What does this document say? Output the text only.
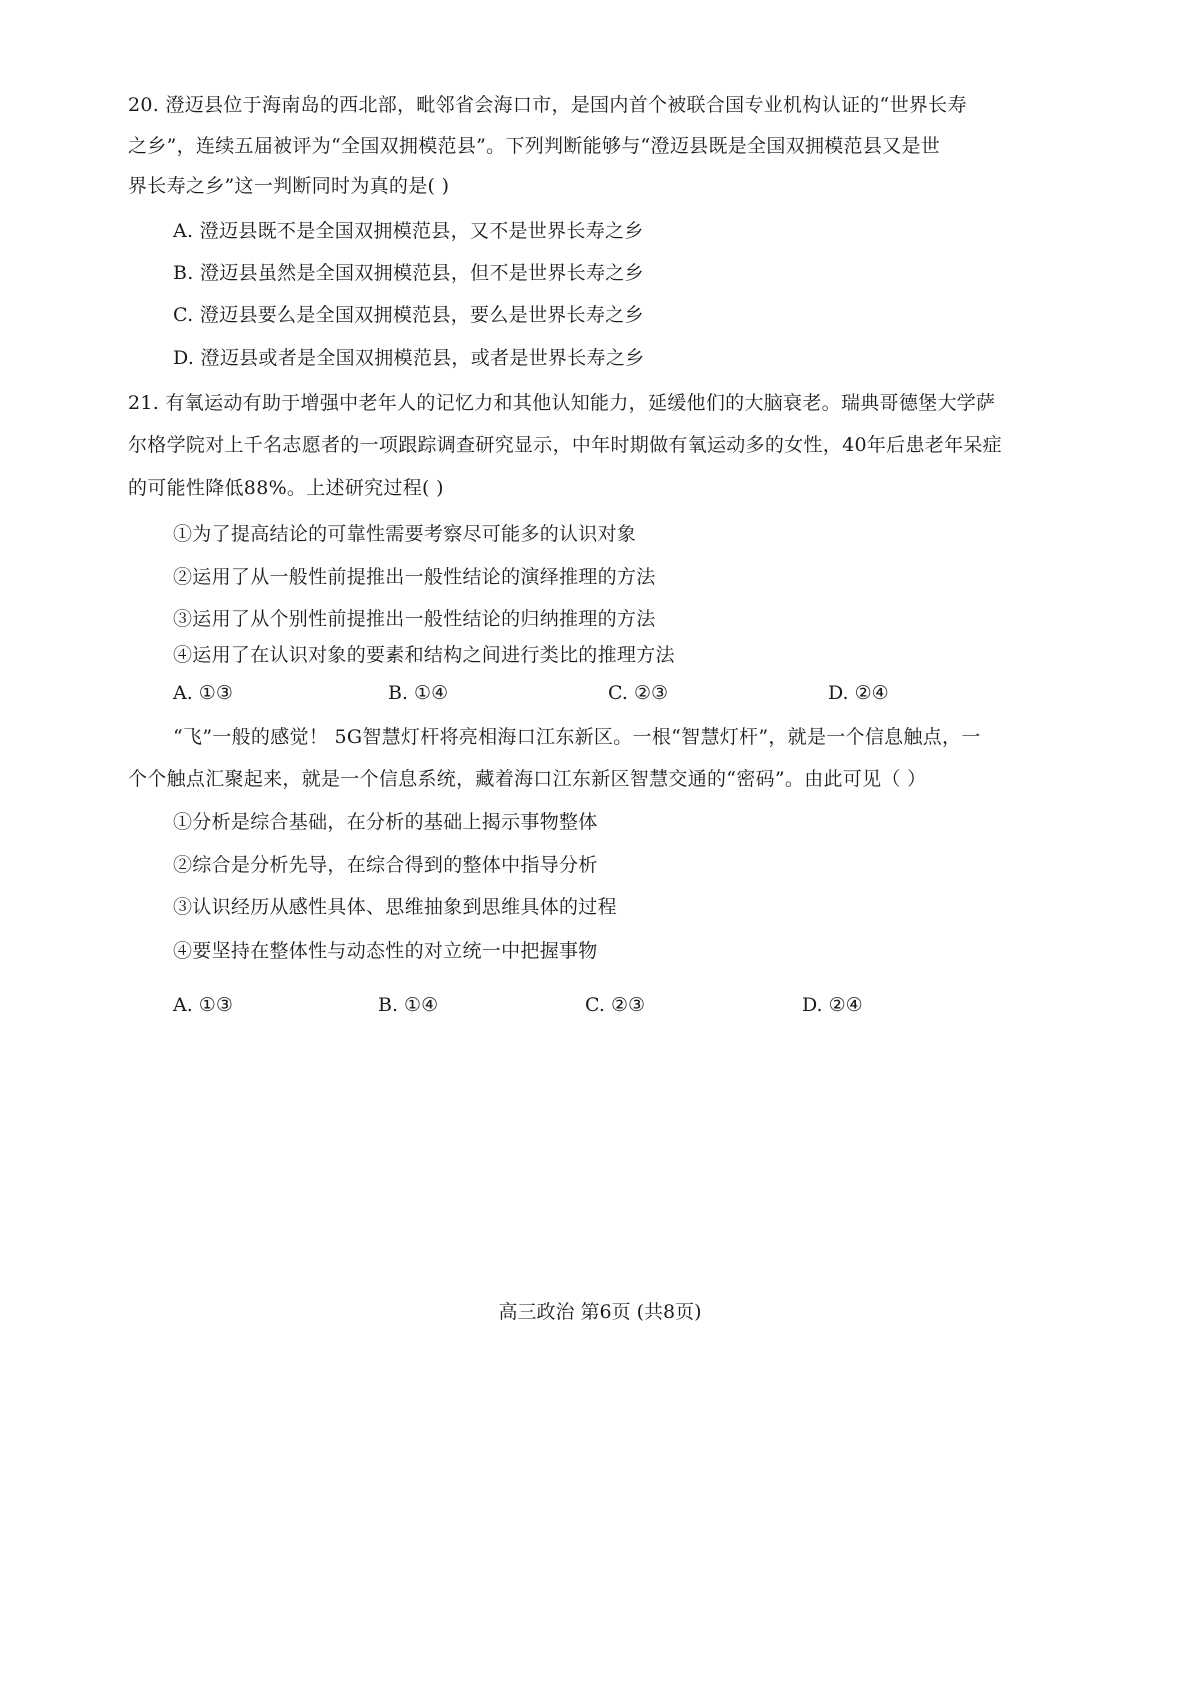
20. 澄迈县位于海南岛的西北部，毗邻省会海口市，是国内首个被联合国专业机构认证的“世界长寿
之乡”，连续五届被评为“全国双拥模范县”。下列判断能够与“澄迈县既是全国双拥模范县又是世
界长寿之乡”这一判断同时为真的是( )
A. 澄迈县既不是全国双拥模范县，又不是世界长寿之乡
B. 澄迈县虽然是全国双拥模范县，但不是世界长寿之乡
C. 澄迈县要么是全国双拥模范县，要么是世界长寿之乡
D. 澄迈县或者是全国双拥模范县，或者是世界长寿之乡
21. 有氧运动有助于增强中老年人的记忆力和其他认知能力，延缓他们的大脑衰老。瑞典哥德堡大学萨
尔格学院对上千名志愿者的一项跟踪调查研究显示，中年时期做有氧运动多的女性，40年后患老年呆症
的可能性降低88%。上述研究过程( )
①为了提高结论的可靠性需要考察尽可能多的认识对象
②运用了从一般性前提推出一般性结论的演绎推理的方法
③运用了从个别性前提推出一般性结论的归纳推理的方法
④运用了在认识对象的要素和结构之间进行类比的推理方法
A. ①③	B. ①④	C. ②③	D. ②④
“飞”一般的感觉！ 5G智慧灯杆将亮相海口江东新区。一根“智慧灯杆”，就是一个信息触点，一
个个触点汇聚起来，就是一个信息系统，藏着海口江东新区智慧交通的“密码”。由此可见（ ）
①分析是综合基础，在分析的基础上揭示事物整体
②综合是分析先导，在综合得到的整体中指导分析
③认识经历从感性具体、思维抽象到思维具体的过程
④要坚持在整体性与动态性的对立统一中把握事物
A. ①③	B. ①④	C. ②③	D. ②④
高三政治 第6页 (共8页)
